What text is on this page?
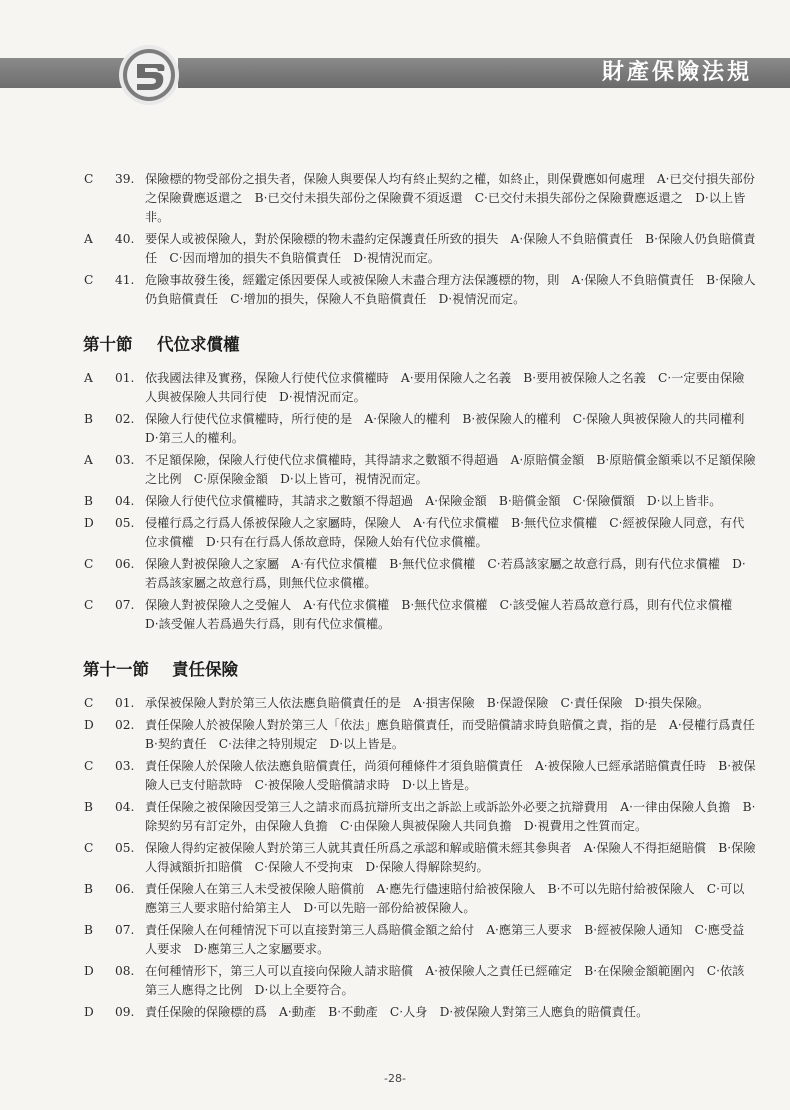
財產保險法規
C 39. 保險標的物受部份之損失者，保險人與要保人均有終止契約之權，如終止，則保費應如何處理　A‧已交付損失部份之保險費應返還之　B‧已交付未損失部份之保險費不須返還　C‧已交付未損失部份之保險費應返還之　D‧以上皆非。
A 40. 要保人或被保險人，對於保險標的物未盡約定保護責任所致的損失　A‧保險人不負賠償責任　B‧保險人仍負賠償責任　C‧因而增加的損失不負賠償責任　D‧視情況而定。
C 41. 危險事故發生後，經鑑定係因要保人或被保險人未盡合理方法保護標的物，則　A‧保險人不負賠償責任　B‧保險人仍負賠償責任　C‧增加的損失，保險人不負賠償責任　D‧視情況而定。
第十節 代位求償權
A 01. 依我國法律及實務，保險人行使代位求償權時　A‧要用保險人之名義　B‧要用被保險人之名義　C‧一定要由保險人與被保險人共同行使　D‧視情況而定。
B 02. 保險人行使代位求償權時，所行使的是　A‧保險人的權利　B‧被保險人的權利　C‧保險人與被保險人的共同權利　D‧第三人的權利。
A 03. 不足額保險，保險人行使代位求償權時，其得請求之數額不得超過　A‧原賠償金額　B‧原賠償金額乘以不足額保險之比例　C‧原保險金額　D‧以上皆可，視情況而定。
B 04. 保險人行使代位求償權時，其請求之數額不得超過　A‧保險金額　B‧賠償金額　C‧保險價額　D‧以上皆非。
D 05. 侵權行爲之行爲人係被保險人之家屬時，保險人　A‧有代位求償權　B‧無代位求償權　C‧經被保險人同意，有代位求償權　D‧只有在行爲人係故意時，保險人始有代位求償權。
C 06. 保險人對被保險人之家屬　A‧有代位求償權　B‧無代位求償權　C‧若爲該家屬之故意行爲，則有代位求償權　D‧若爲該家屬之故意行爲，則無代位求償權。
C 07. 保險人對被保險人之受僱人　A‧有代位求償權　B‧無代位求償權　C‧該受僱人若爲故意行爲，則有代位求償權　D‧該受僱人若爲過失行爲，則有代位求償權。
第十一節 責任保險
C 01. 承保被保險人對於第三人依法應負賠償責任的是　A‧損害保險　B‧保證保險　C‧責任保險　D‧損失保險。
D 02. 責任保險人於被保險人對於第三人「依法」應負賠償責任，而受賠償請求時負賠償之責，指的是　A‧侵權行爲責任　B‧契約責任　C‧法律之特別規定　D‧以上皆是。
C 03. 責任保險人於保險人依法應負賠償責任，尚須何種條件才須負賠償責任　A‧被保險人已經承諾賠償責任時　B‧被保險人已支付賠款時　C‧被保險人受賠償請求時　D‧以上皆是。
B 04. 責任保險之被保險因受第三人之請求而爲抗辯所支出之訴訟上或訴訟外必要之抗辯費用　A‧一律由保險人負擔　B‧除契約另有訂定外，由保險人負擔　C‧由保險人與被保險人共同負擔　D‧視費用之性質而定。
C 05. 保險人得約定被保險人對於第三人就其責任所爲之承認和解或賠償未經其參與者　A‧保險人不得拒絕賠償　B‧保險人得減額折扣賠償　C‧保險人不受拘束　D‧保險人得解除契約。
B 06. 責任保險人在第三人未受被保險人賠償前　A‧應先行儘速賠付給被保險人　B‧不可以先賠付給被保險人　C‧可以應第三人要求賠付給第主人　D‧可以先賠一部份給被保險人。
B 07. 責任保險人在何種情況下可以直接對第三人爲賠償金額之給付　A‧應第三人要求　B‧經被保險人通知　C‧應受益人要求　D‧應第三人之家屬要求。
D 08. 在何種情形下，第三人可以直接向保險人請求賠償　A‧被保險人之責任已經確定　B‧在保險金額範圍內　C‧依該第三人應得之比例　D‧以上全要符合。
D 09. 責任保險的保險標的爲　A‧動產　B‧不動產　C‧人身　D‧被保險人對第三人應負的賠償責任。
-28-
